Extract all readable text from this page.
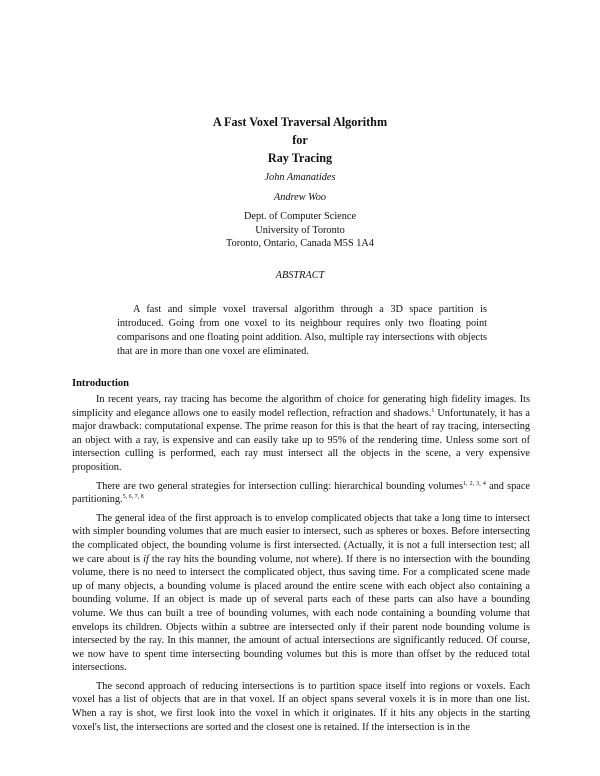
A Fast Voxel Traversal Algorithm
for
Ray Tracing
John Amanatides
Andrew Woo
Dept. of Computer Science
University of Toronto
Toronto, Ontario, Canada M5S 1A4
ABSTRACT
A fast and simple voxel traversal algorithm through a 3D space partition is introduced. Going from one voxel to its neighbour requires only two floating point comparisons and one floating point addition. Also, multiple ray intersections with objects that are in more than one voxel are eliminated.
Introduction

In recent years, ray tracing has become the algorithm of choice for generating high fidelity images. Its simplicity and elegance allows one to easily model reflection, refraction and shadows.$^1$ Unfortunately, it has a major drawback: computational expense. The prime reason for this is that the heart of ray tracing, intersecting an object with a ray, is expensive and can easily take up to 95% of the rendering time. Unless some sort of intersection culling is performed, each ray must intersect all the objects in the scene, a very expensive proposition.

There are two general strategies for intersection culling: hierarchical bounding volumes$^{1, 2, 3, 4}$ and space partitioning.$^{5, 6, 7, 8}$

The general idea of the first approach is to envelop complicated objects that take a long time to intersect with simpler bounding volumes that are much easier to intersect, such as spheres or boxes. Before intersecting the complicated object, the bounding volume is first intersected. (Actually, it is not a full intersection test; all we care about is if the ray hits the bounding volume, not where). If there is no intersection with the bounding volume, there is no need to intersect the complicated object, thus saving time. For a complicated scene made up of many objects, a bounding volume is placed around the entire scene with each object also containing a bounding volume. If an object is made up of several parts each of these parts can also have a bounding volume. We thus can built a tree of bounding volumes, with each node containing a bounding volume that envelops its children. Objects within a subtree are intersected only if their parent node bounding volume is intersected by the ray. In this manner, the amount of actual intersections are significantly reduced. Of course, we now have to spent time intersecting bounding volumes but this is more than offset by the reduced total intersections.

The second approach of reducing intersections is to partition space itself into regions or voxels. Each voxel has a list of objects that are in that voxel. If an object spans several voxels it is in more than one list. When a ray is shot, we first look into the voxel in which it originates. If it hits any objects in the starting voxel's list, the intersections are sorted and the closest one is retained. If the intersection is in the
